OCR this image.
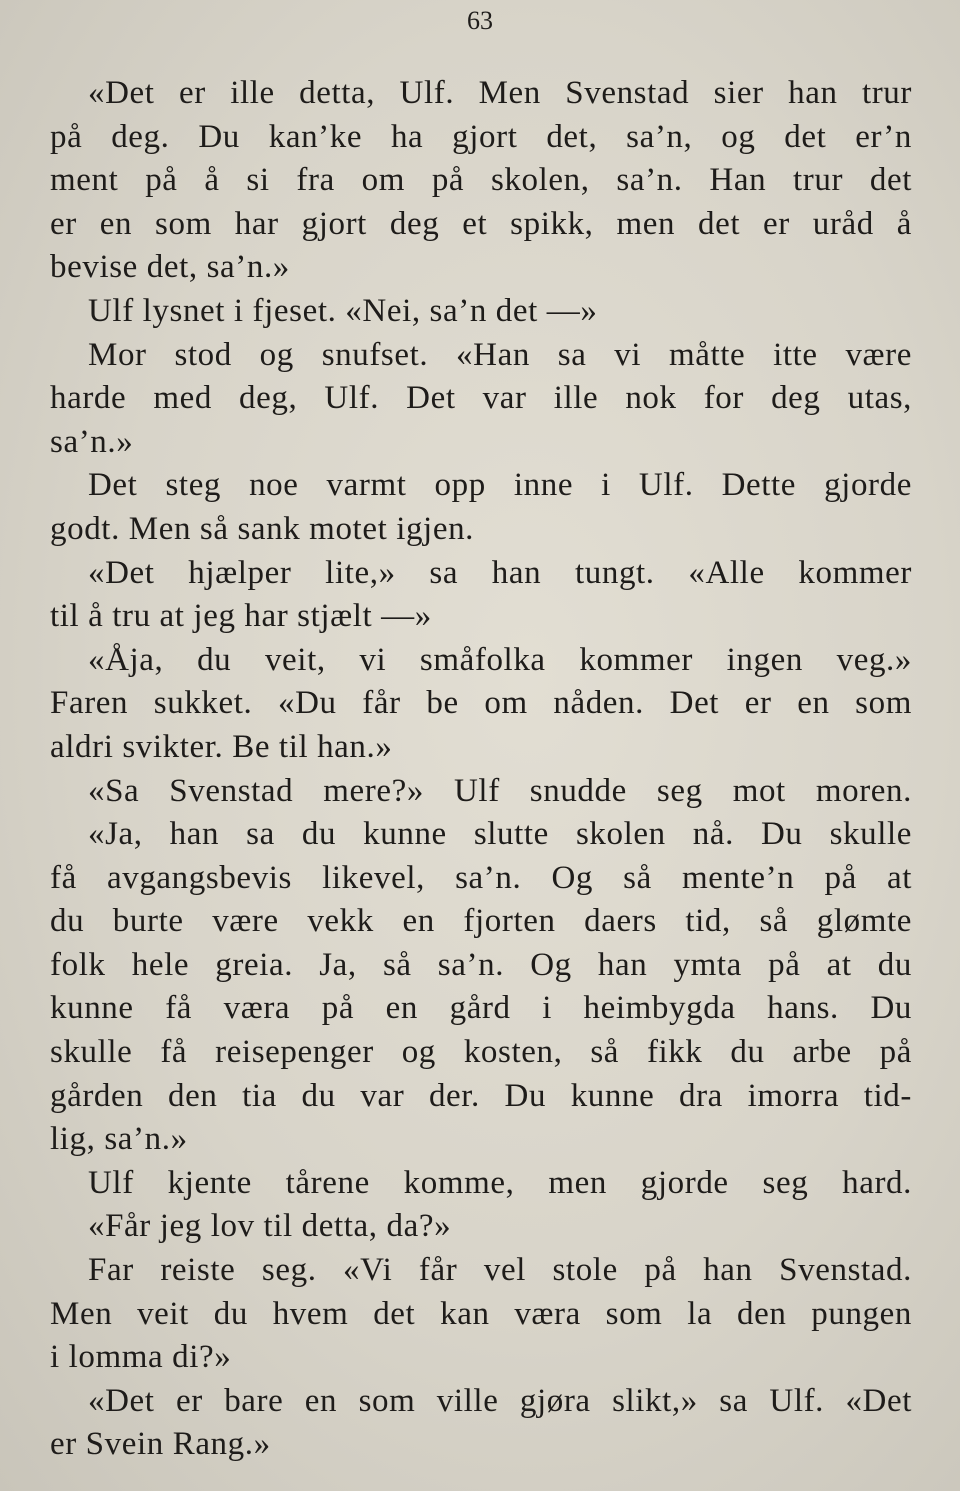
63
«Det er ille detta, Ulf. Men Svenstad sier han trur
på deg. Du kan’ke ha gjort det, sa’n, og det er’n
ment på å si fra om på skolen, sa’n. Han trur det
er en som har gjort deg et spikk, men det er uråd å
bevise det, sa’n.»
Ulf lysnet i fjeset. «Nei, sa’n det —»
Mor stod og snufset. «Han sa vi måtte itte være
harde med deg, Ulf. Det var ille nok for deg utas,
sa’n.»
Det steg noe varmt opp inne i Ulf. Dette gjorde
godt. Men så sank motet igjen.
«Det hjælper lite,» sa han tungt. «Alle kommer
til å tru at jeg har stjælt —»
«Åja, du veit, vi småfolka kommer ingen veg.»
Faren sukket. «Du får be om nåden. Det er en som
aldri svikter. Be til han.»
«Sa Svenstad mere?» Ulf snudde seg mot moren.
«Ja, han sa du kunne slutte skolen nå. Du skulle
få avgangsbevis likevel, sa’n. Og så mente’n på at
du burte være vekk en fjorten daers tid, så glømte
folk hele greia. Ja, så sa’n. Og han ymta på at du
kunne få væra på en gård i heimbygda hans. Du
skulle få reisepenger og kosten, så fikk du arbe på
gården den tia du var der. Du kunne dra imorra tid-
lig, sa’n.»
Ulf kjente tårene komme, men gjorde seg hard.
«Får jeg lov til detta, da?»
Far reiste seg. «Vi får vel stole på han Svenstad.
Men veit du hvem det kan væra som la den pungen
i lomma di?»
«Det er bare en som ville gjøra slikt,» sa Ulf. «Det
er Svein Rang.»
